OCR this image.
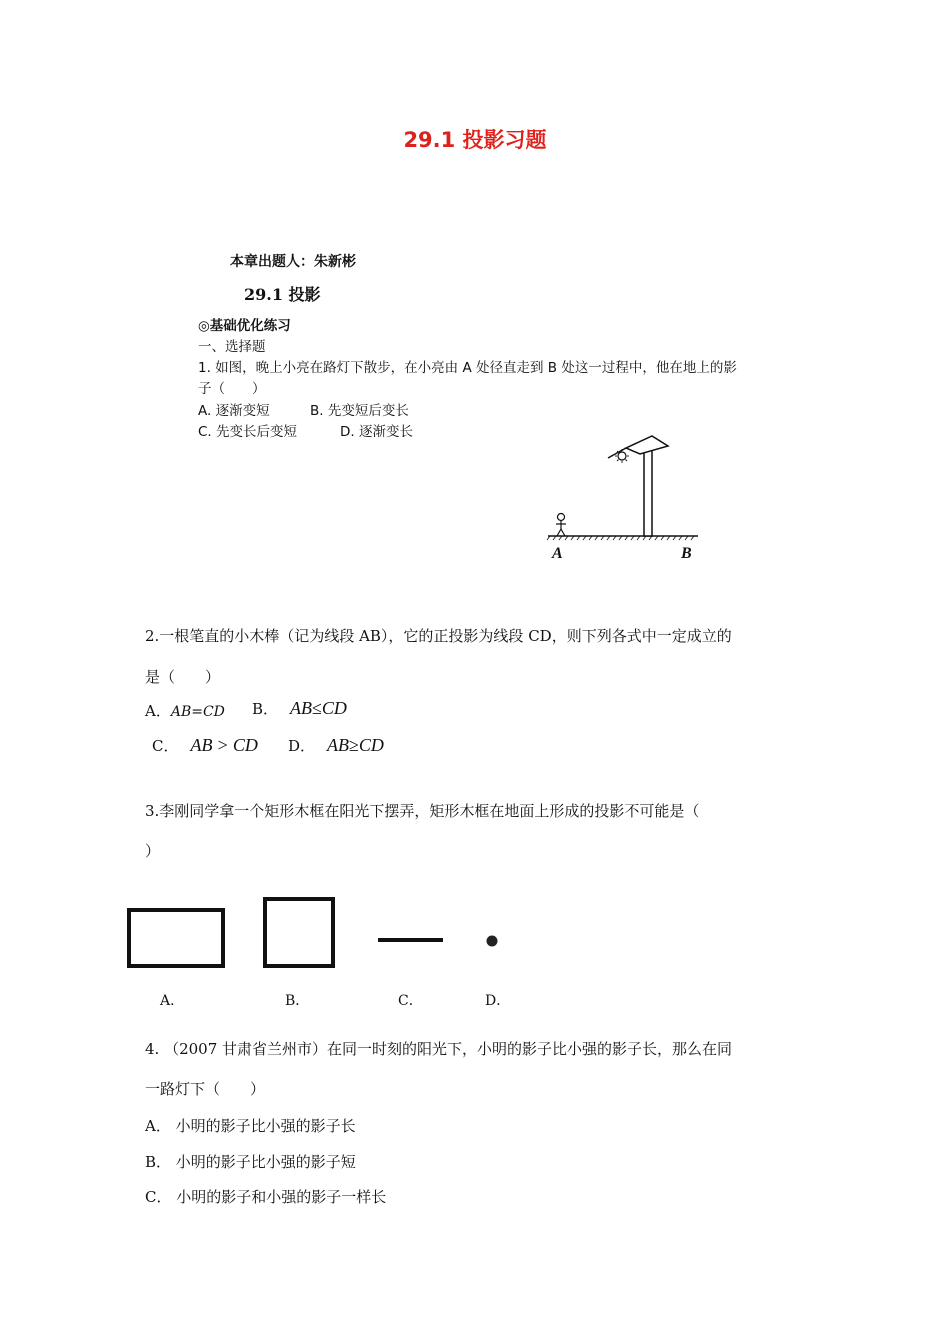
29.1 投影习题
本章出题人：朱新彬
29.1 投影
◎基础优化练习
一、选择题
1. 如图，晚上小亮在路灯下散步，在小亮由 A 处径直走到 B 处这一过程中，他在地上的影
子（　　）
A. 逐渐变短	B. 先变短后变长
C. 先变长后变短	D. 逐渐变长
A	B
2.一根笔直的小木棒（记为线段 AB），它的正投影为线段 CD，则下列各式中一定成立的
是（　　）
A．AB=CD B． AB≤CD
C． AB > CD D． AB≥CD
3.李刚同学拿一个矩形木框在阳光下摆弄，矩形木框在地面上形成的投影不可能是（
）
A．	B．	C．	D．
4. （2007 甘肃省兰州市）在同一时刻的阳光下，小明的影子比小强的影子长，那么在同
一路灯下（　　）
A． 小明的影子比小强的影子长
B． 小明的影子比小强的影子短
C． 小明的影子和小强的影子一样长
